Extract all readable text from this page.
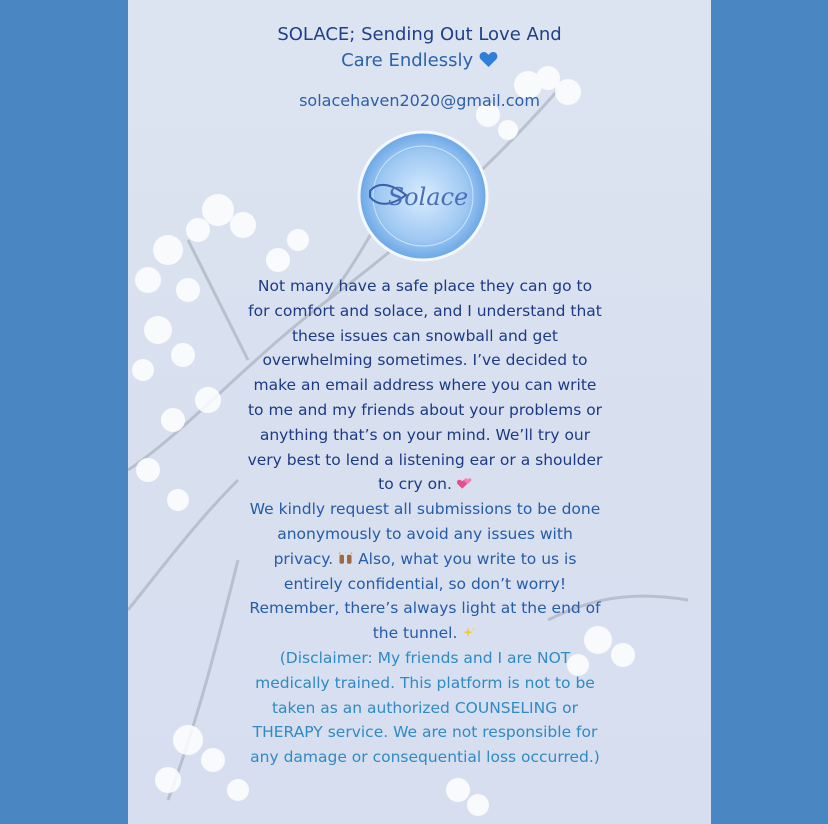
SOLACE; Sending Out Love And
Care Endlessly
solacehaven2020@gmail.com
Solace
Not many have a safe place they can go to for comfort and solace, and I understand that these issues can snowball and get overwhelming sometimes. I’ve decided to make an email address where you can write to me and my friends about your problems or anything that’s on your mind. We’ll try our very best to lend a listening ear or a shoulder to cry on.
We kindly request all submissions to be done anonymously to avoid any issues with privacy. Also, what you write to us is entirely confidential, so don’t worry! Remember, there’s always light at the end of the tunnel.
(Disclaimer: My friends and I are NOT medically trained. This platform is not to be taken as an authorized COUNSELING or THERAPY service. We are not responsible for any damage or consequential loss occurred.)
